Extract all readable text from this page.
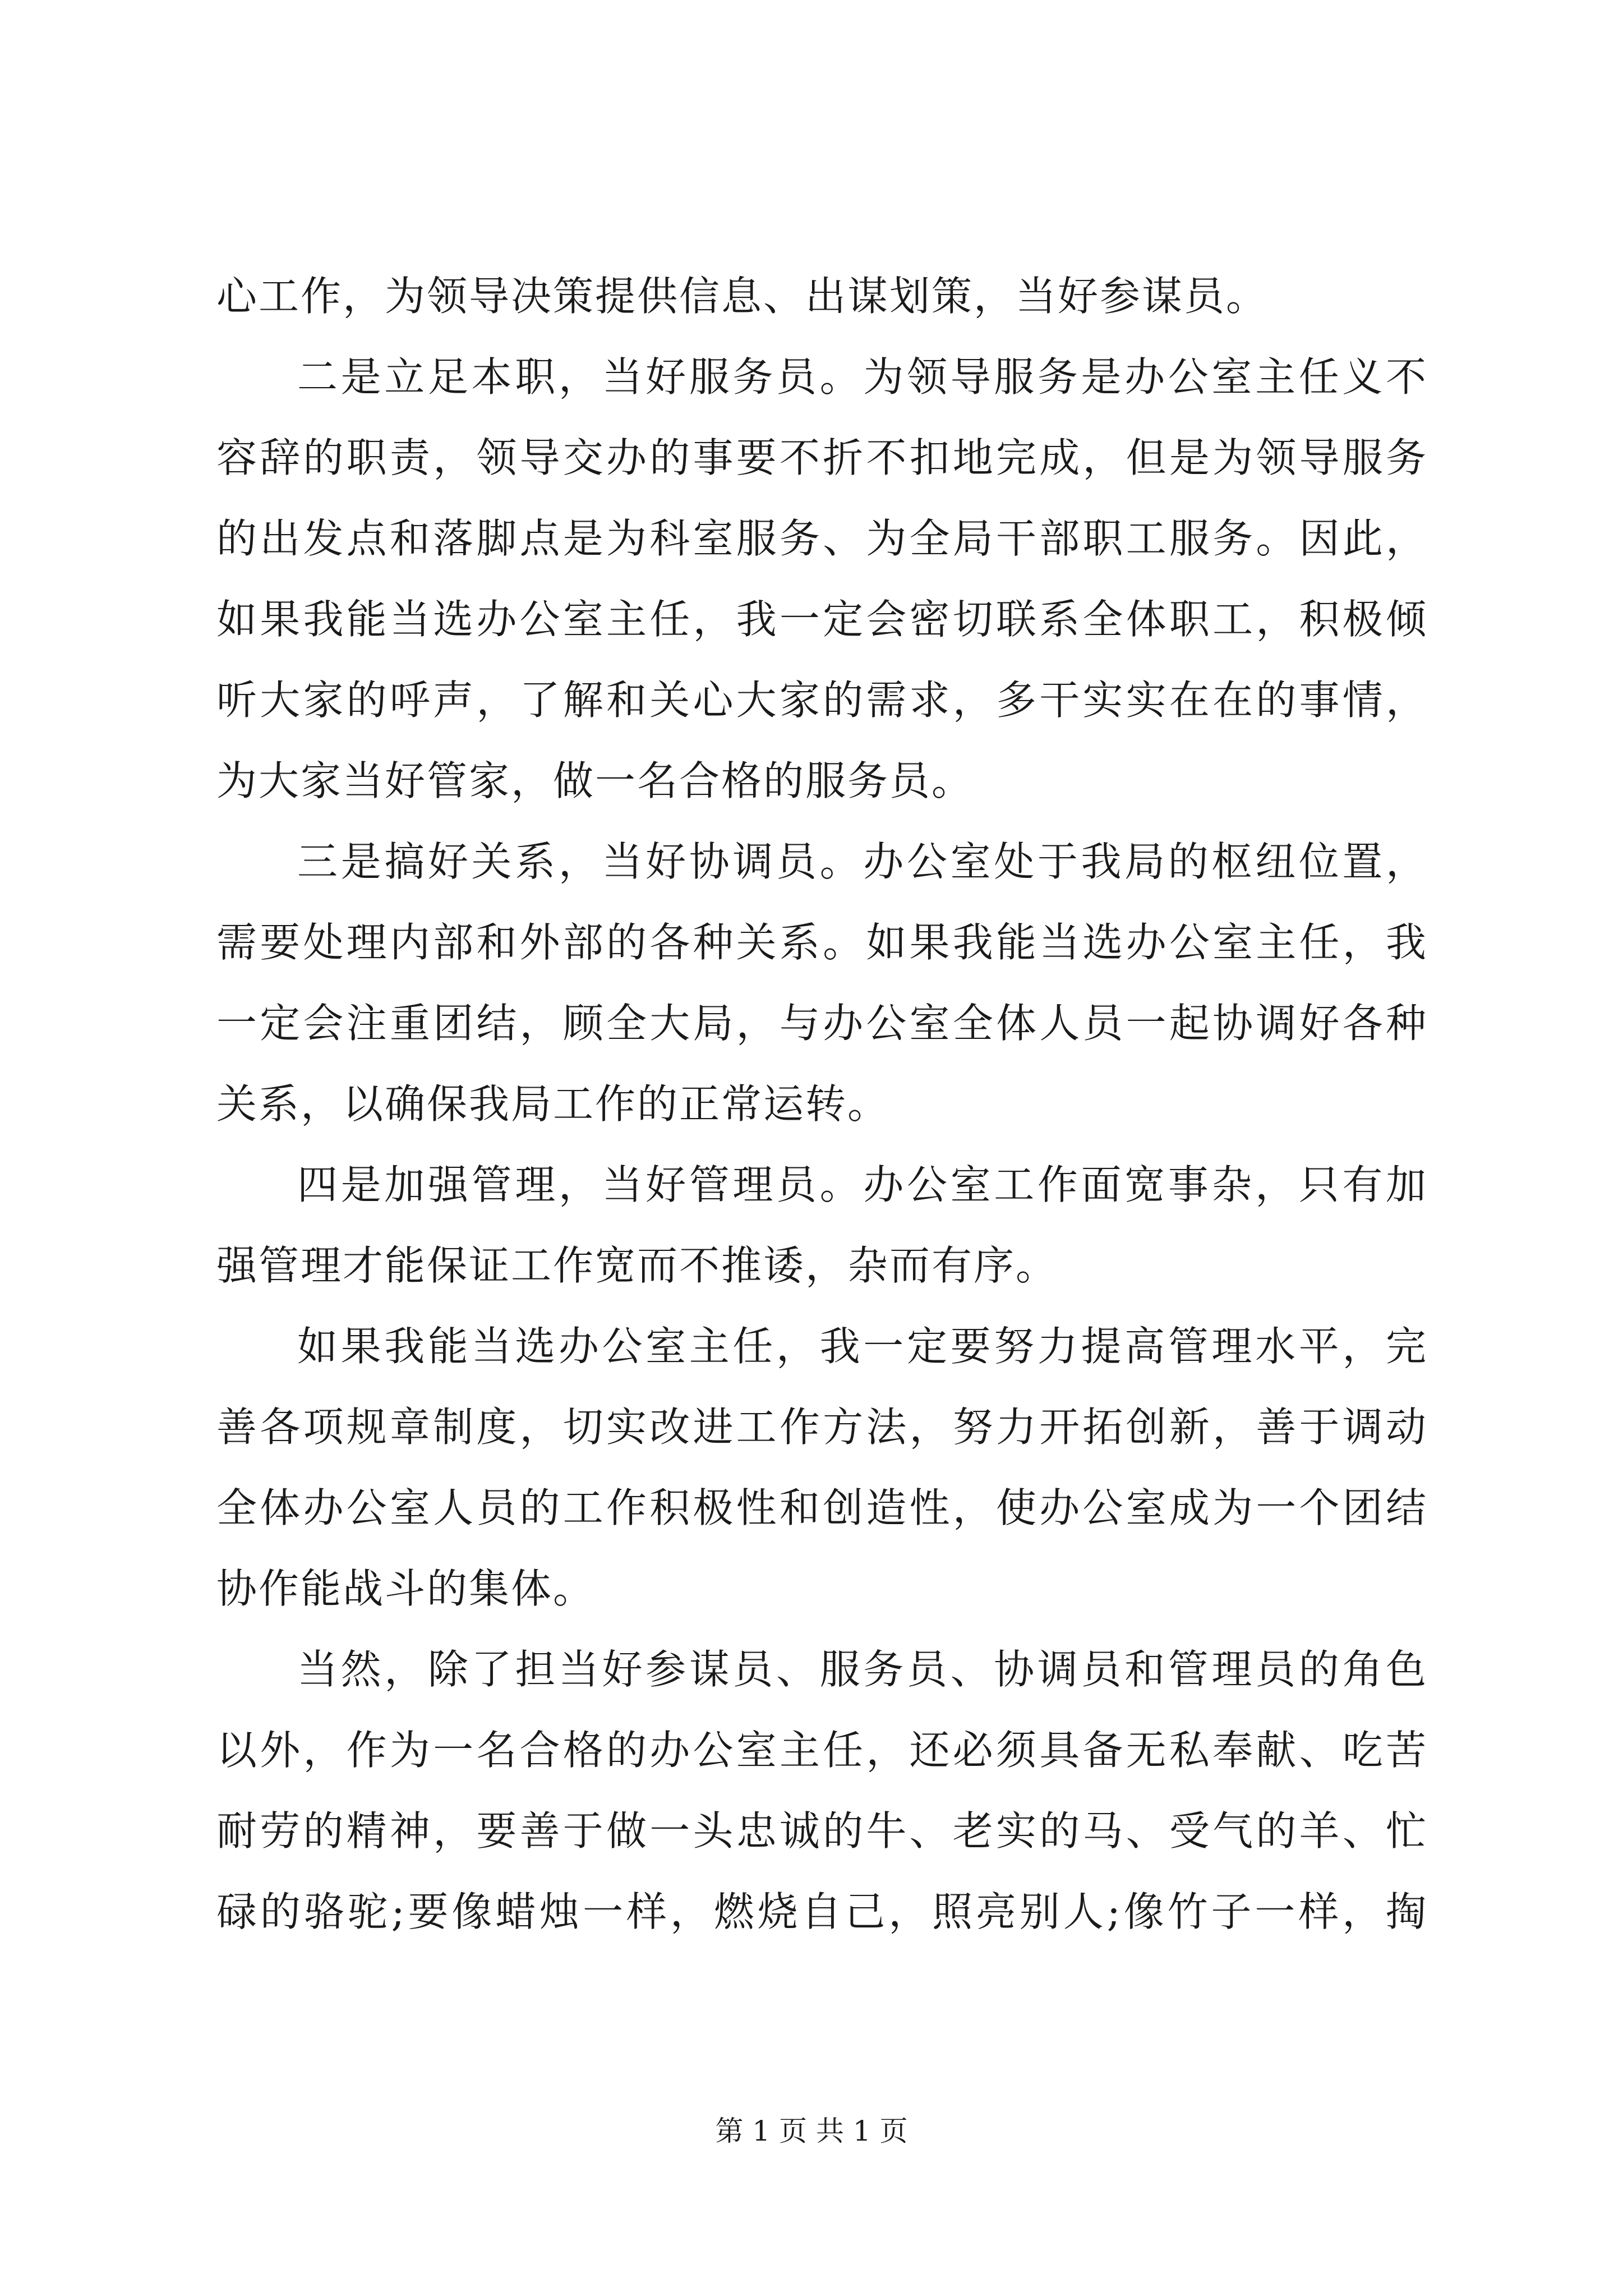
心工作，为领导决策提供信息、出谋划策，当好参谋员。
二是立足本职，当好服务员。为领导服务是办公室主任义不
容辞的职责，领导交办的事要不折不扣地完成，但是为领导服务
的出发点和落脚点是为科室服务、为全局干部职工服务。因此，
如果我能当选办公室主任，我一定会密切联系全体职工，积极倾
听大家的呼声，了解和关心大家的需求，多干实实在在的事情，
为大家当好管家，做一名合格的服务员。
三是搞好关系，当好协调员。办公室处于我局的枢纽位置，
需要处理内部和外部的各种关系。如果我能当选办公室主任，我
一定会注重团结，顾全大局，与办公室全体人员一起协调好各种
关系，以确保我局工作的正常运转。
四是加强管理，当好管理员。办公室工作面宽事杂，只有加
强管理才能保证工作宽而不推诿，杂而有序。
如果我能当选办公室主任，我一定要努力提高管理水平，完
善各项规章制度，切实改进工作方法，努力开拓创新，善于调动
全体办公室人员的工作积极性和创造性，使办公室成为一个团结
协作能战斗的集体。
当然，除了担当好参谋员、服务员、协调员和管理员的角色
以外，作为一名合格的办公室主任，还必须具备无私奉献、吃苦
耐劳的精神，要善于做一头忠诚的牛、老实的马、受气的羊、忙
碌的骆驼;要像蜡烛一样，燃烧自己，照亮别人;像竹子一样，掏
第 1 页 共 1 页
